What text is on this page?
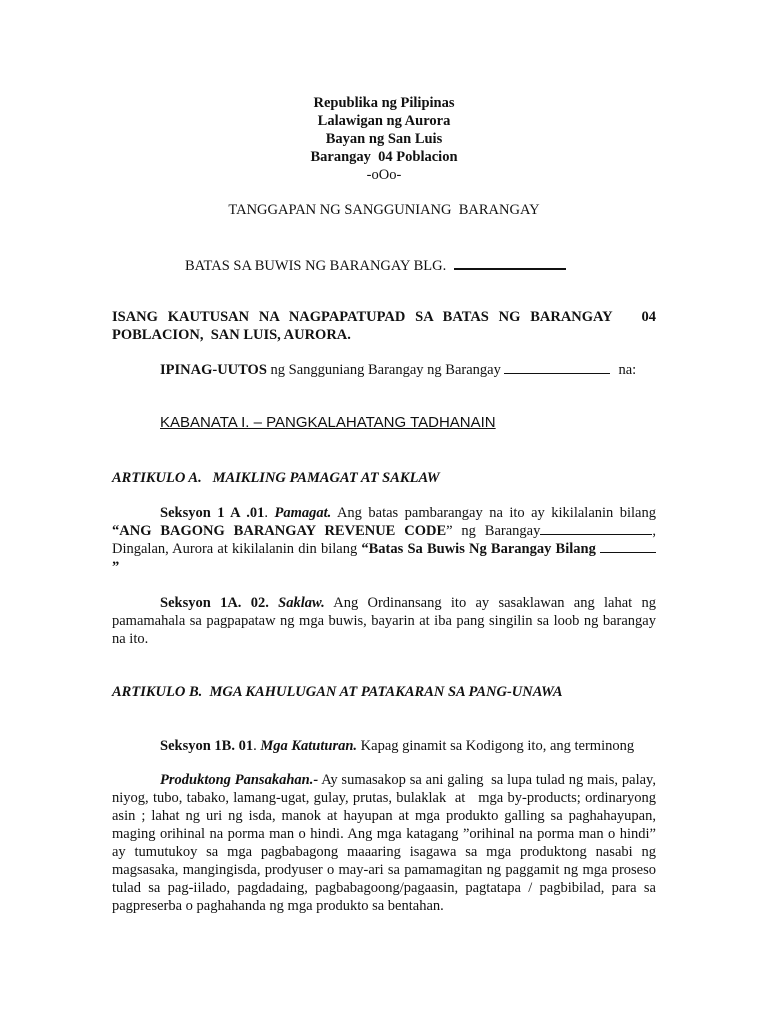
Republika ng Pilipinas
Lalawigan ng Aurora
Bayan ng San Luis
Barangay  04 Poblacion
-oOo-
TANGGAPAN NG SANGGUNIANG  BARANGAY
BATAS SA BUWIS NG BARANGAY BLG.
ISANG KAUTUSAN NA NAGPAPATUPAD SA BATAS NG BARANGAY   04 POBLACION,  SAN LUIS, AURORA.
IPINAG-UUTOS ng Sangguniang Barangay ng Barangay	na:
KABANATA I. – PANGKALAHATANG TADHANAIN
ARTIKULO A.   MAIKLING PAMAGAT AT SAKLAW

Seksyon 1 A .01. Pamagat. Ang batas pambarangay na ito ay kikilalanin bilang “ANG BAGONG BARANGAY REVENUE CODE” ng Barangay	, Dingalan, Aurora at kikilalanin din bilang “Batas Sa Buwis Ng Barangay Bilang ”

Seksyon 1A. 02. Saklaw. Ang Ordinansang ito ay sasaklawan ang lahat ng pamamahala sa pagpapataw ng mga buwis, bayarin at iba pang singilin sa loob ng barangay na ito.

ARTIKULO B.  MGA KAHULUGAN AT PATAKARAN SA PANG-UNAWA
Seksyon 1B. 01. Mga Katuturan. Kapag ginamit sa Kodigong ito, ang terminong

Produktong Pansakahan.- Ay sumasakop sa ani galing  sa lupa tulad ng mais, palay, niyog, tubo, tabako, lamang-ugat, gulay, prutas, bulaklak  at   mga by-products; ordinaryong asin ; lahat ng uri ng isda, manok at hayupan at mga produkto galling sa paghahayupan, maging orihinal na porma man o hindi. Ang mga katagang ”orihinal na porma man o hindi” ay tumutukoy sa mga pagbabagong maaaring isagawa sa mga produktong nasabi ng magsasaka, mangingisda, prodyuser o may-ari sa pamamagitan ng paggamit ng mga proseso tulad sa pag-iilado, pagdadaing, pagbabagoong/pagaasin, pagtatapa / pagbibilad, para sa pagpreserba o paghahanda ng mga produkto sa bentahan.
